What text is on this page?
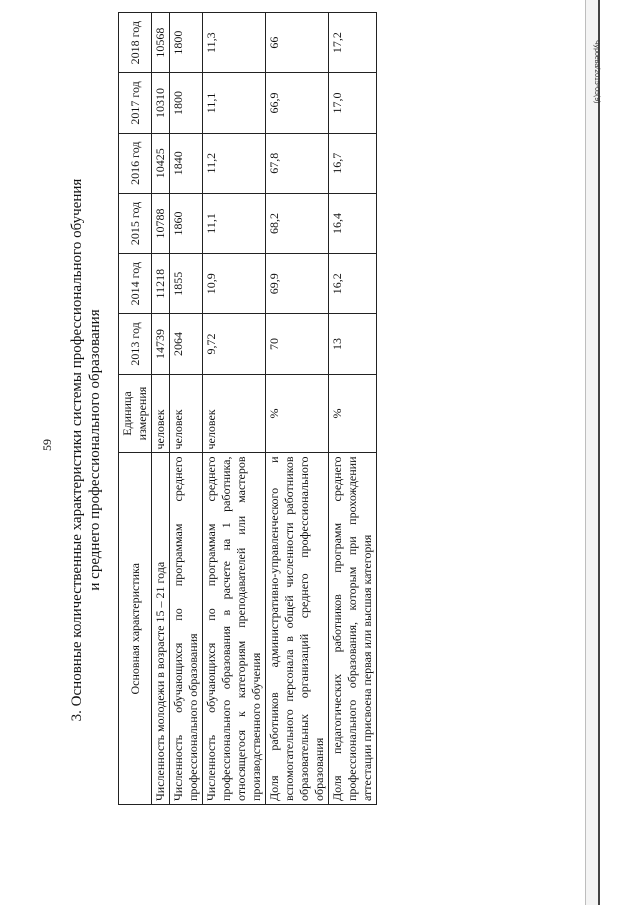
Чуроева/2015-05(9)
59 3. Основные количественные характеристики системы профессионального обучения и среднего профессионального образования
Основная характеристика	Единица измерения	2013 год	2014 год	2015 год	2016 год	2017 год	2018 год
Численность молодежи в возрасте 15 – 21 года	человек	14739	11218	10788	10425	10310	10568
Численность обучающихся по программам среднего профессионального образования	человек	2064	1855	1860	1840	1800	1800
Численность обучающихся по программам среднего профессионального образования в расчете на 1 работника, относящегося к категориям преподавателей или мастеров производственного обучения	человек	9,72	10,9	11,1	11,2	11,1	11,3
Доля работников административно-управленческого и вспомогательного персонала в общей численности работников образовательных организаций среднего профессионального образования	%	70	69,9	68,2	67,8	66,9	66
Доля педагогических работников программ среднего профессионального образования, которым при прохождении аттестации присвоена первая или высшая категория	%	13	16,2	16,4	16,7	17,0	17,2
